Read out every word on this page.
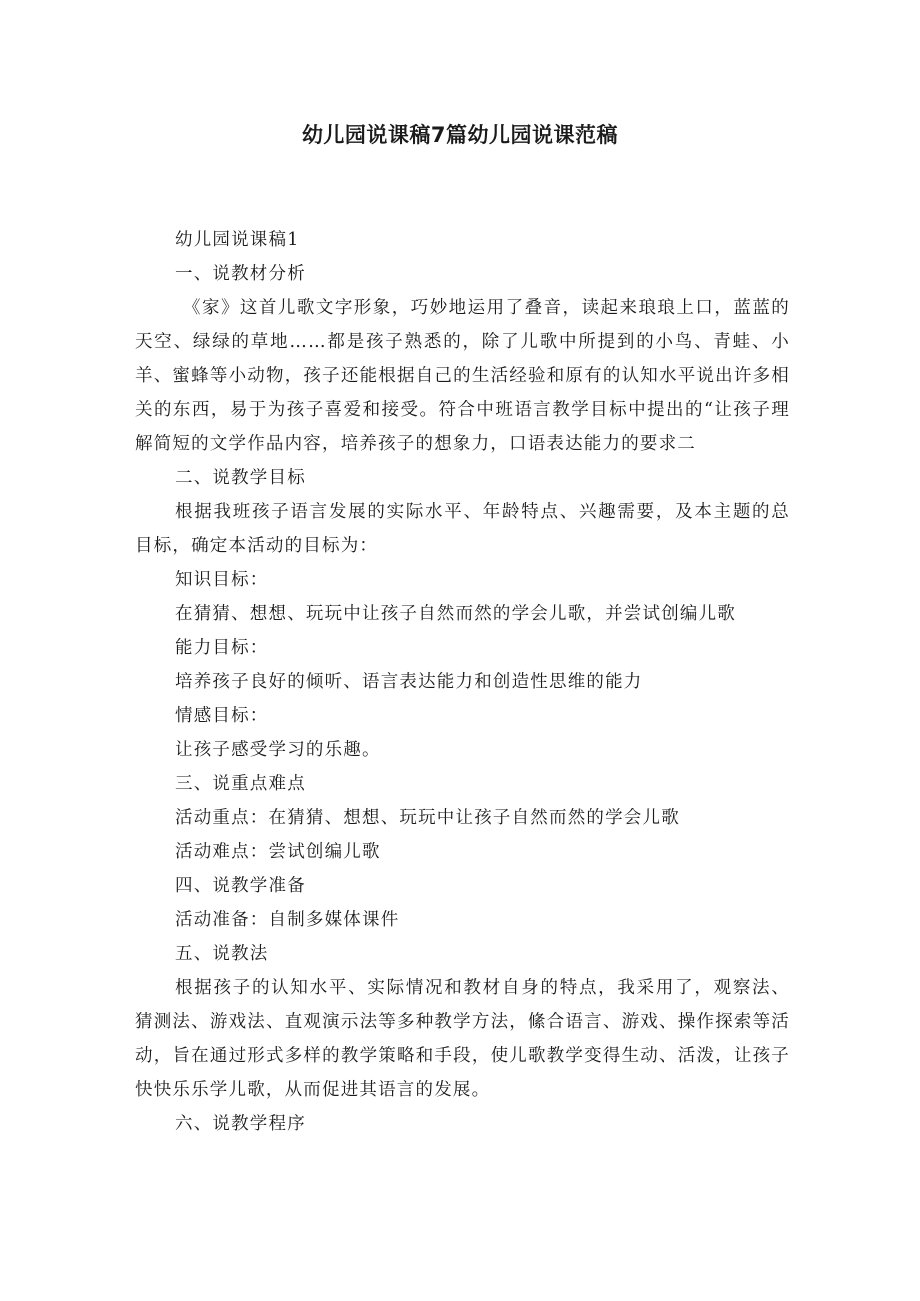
幼儿园说课稿7篇幼儿园说课范稿

幼儿园说课稿1

一、说教材分析

《家》这首儿歌文字形象，巧妙地运用了叠音，读起来琅琅上口，蓝蓝的天空、绿绿的草地……都是孩子熟悉的，除了儿歌中所提到的小鸟、青蛙、小羊、蜜蜂等小动物，孩子还能根据自己的生活经验和原有的认知水平说出许多相关的东西，易于为孩子喜爱和接受。符合中班语言教学目标中提出的“让孩子理解简短的文学作品内容，培养孩子的想象力，口语表达能力的要求二

二、说教学目标

根据我班孩子语言发展的实际水平、年龄特点、兴趣需要，及本主题的总目标，确定本活动的目标为：

知识目标：

在猜猜、想想、玩玩中让孩子自然而然的学会儿歌，并尝试创编儿歌

能力目标：

培养孩子良好的倾听、语言表达能力和创造性思维的能力

情感目标：

让孩子感受学习的乐趣。

三、说重点难点

活动重点：在猜猜、想想、玩玩中让孩子自然而然的学会儿歌

活动难点：尝试创编儿歌

四、说教学准备

活动准备：自制多媒体课件

五、说教法

根据孩子的认知水平、实际情况和教材自身的特点，我采用了，观察法、猜测法、游戏法、直观演示法等多种教学方法，絛合语言、游戏、操作探索等活动，旨在通过形式多样的教学策略和手段，使儿歌教学变得生动、活泼，让孩子快快乐乐学儿歌，从而促进其语言的发展。

六、说教学程序
